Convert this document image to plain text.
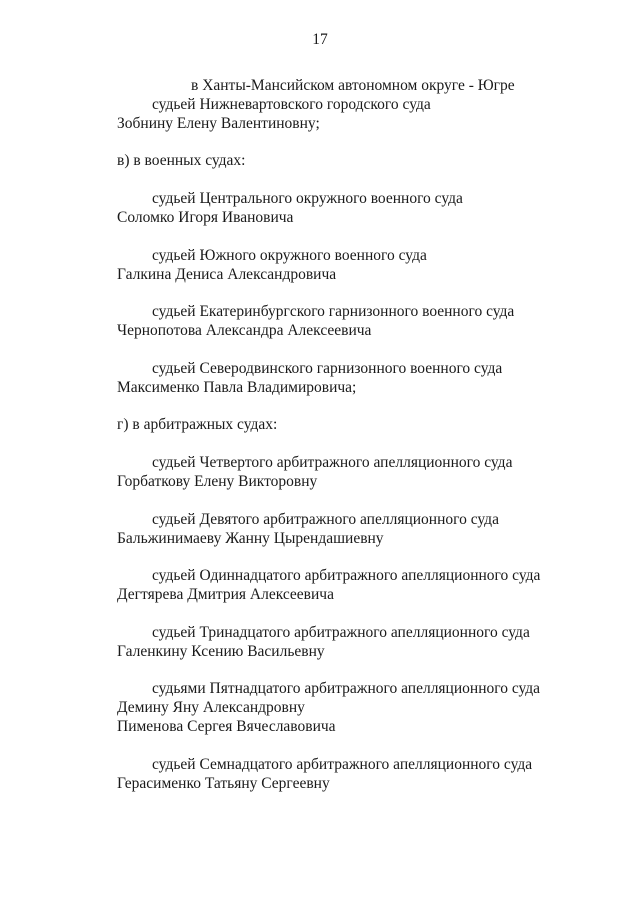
17
в Ханты-Мансийском автономном округе - Югре
судьей Нижневартовского городского суда
Зобнину Елену Валентиновну;
в) в военных судах:
судьей Центрального окружного военного суда
Соломко Игоря Ивановича
судьей Южного окружного военного суда
Галкина Дениса Александровича
судьей Екатеринбургского гарнизонного военного суда
Чернопотова Александра Алексеевича
судьей Северодвинского гарнизонного военного суда
Максименко Павла Владимировича;
г) в арбитражных судах:
судьей Четвертого арбитражного апелляционного суда
Горбаткову Елену Викторовну
судьей Девятого арбитражного апелляционного суда
Бальжинимаеву Жанну Цырендашиевну
судьей Одиннадцатого арбитражного апелляционного суда
Дегтярева Дмитрия Алексеевича
судьей Тринадцатого арбитражного апелляционного суда
Галенкину Ксению Васильевну
судьями Пятнадцатого арбитражного апелляционного суда
Демину Яну Александровну
Пименова Сергея Вячеславовича
судьей Семнадцатого арбитражного апелляционного суда
Герасименко Татьяну Сергеевну
